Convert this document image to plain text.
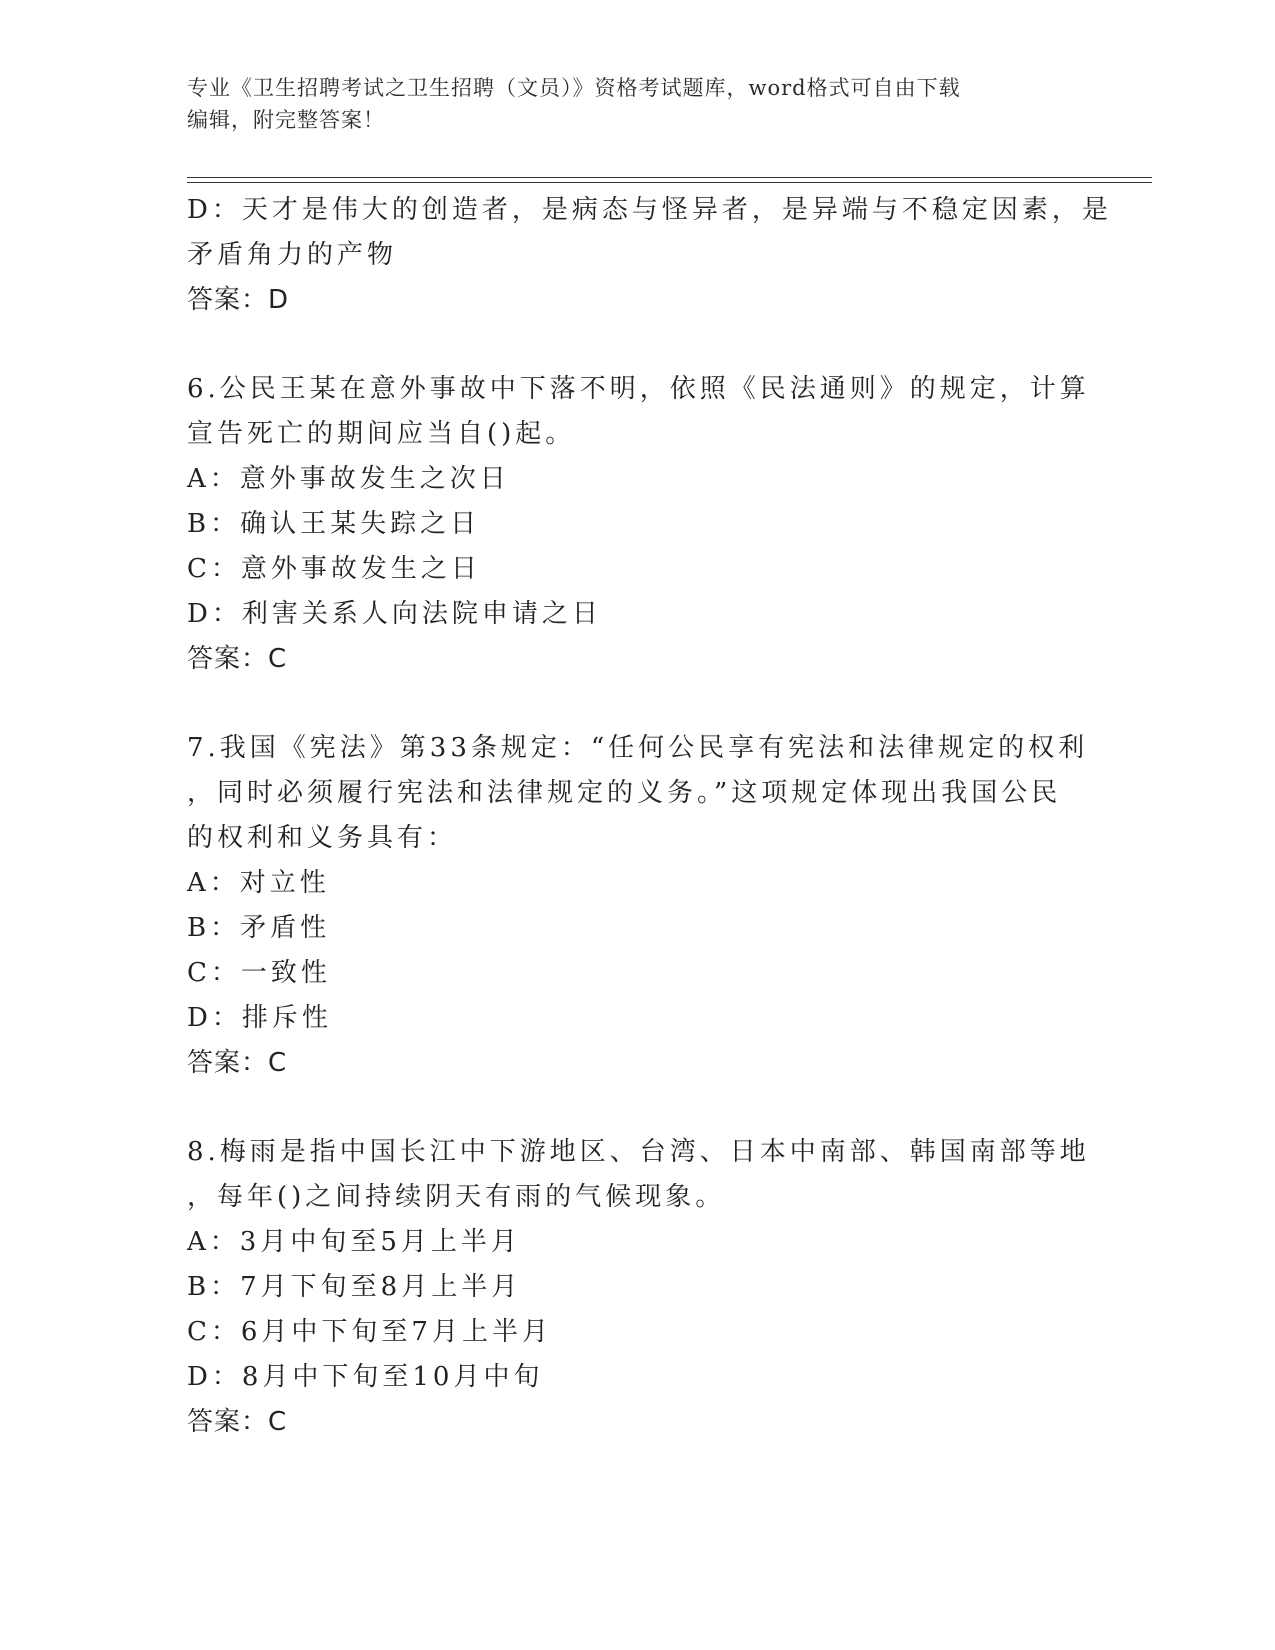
专业《卫生招聘考试之卫生招聘（文员）》资格考试题库，word格式可自由下载
编辑，附完整答案！
D：天才是伟大的创造者，是病态与怪异者，是异端与不稳定因素，是
矛盾角力的产物
答案：D
6.公民王某在意外事故中下落不明，依照《民法通则》的规定，计算
宣告死亡的期间应当自()起。
A：意外事故发生之次日
B：确认王某失踪之日
C：意外事故发生之日
D：利害关系人向法院申请之日
答案：C
7.我国《宪法》第33条规定：“任何公民享有宪法和法律规定的权利
，同时必须履行宪法和法律规定的义务。”这项规定体现出我国公民
的权利和义务具有：
A：对立性
B：矛盾性
C：一致性
D：排斥性
答案：C
8.梅雨是指中国长江中下游地区、台湾、日本中南部、韩国南部等地
，每年()之间持续阴天有雨的气候现象。
A：3月中旬至5月上半月
B：7月下旬至8月上半月
C：6月中下旬至7月上半月
D：8月中下旬至10月中旬
答案：C
